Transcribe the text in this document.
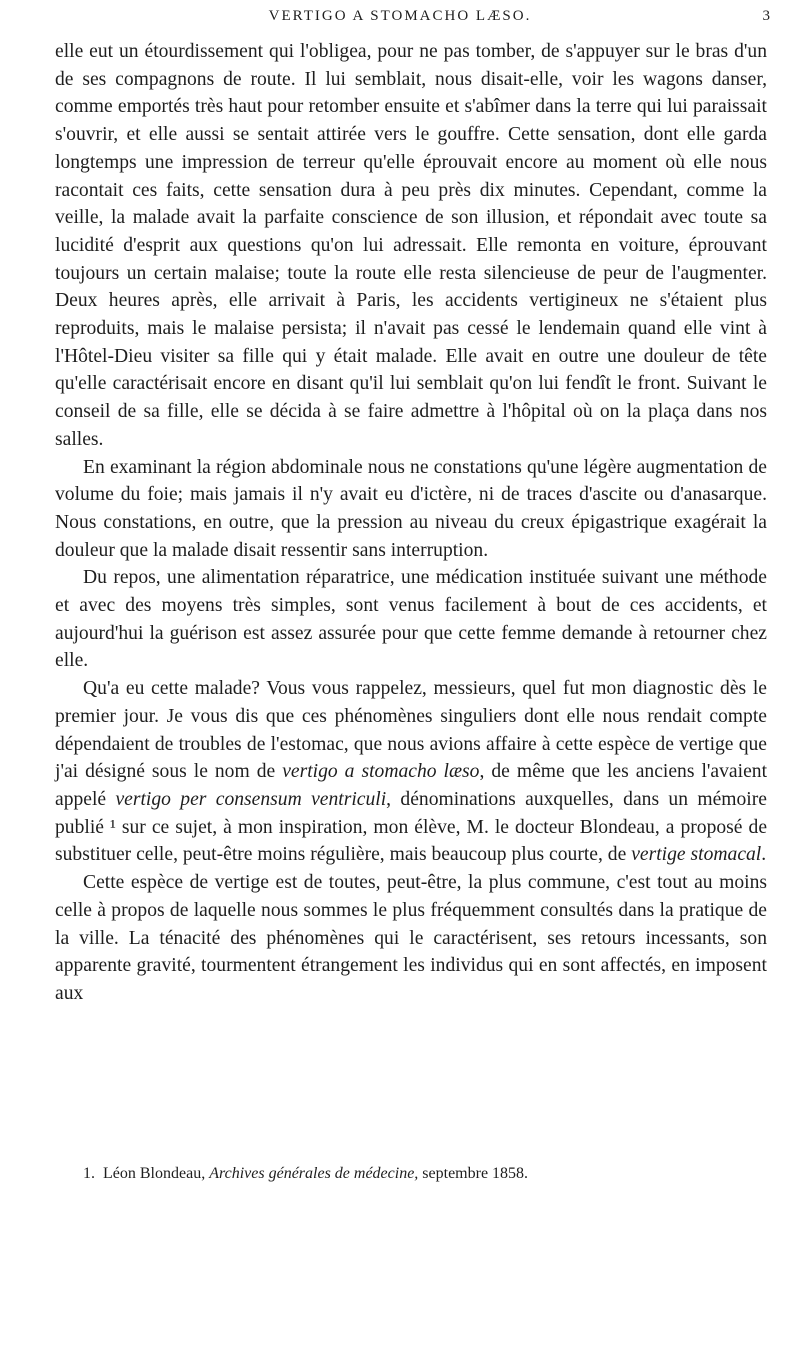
VERTIGO A STOMACHO LÆSO.	3

elle eut un étourdissement qui l'obligea, pour ne pas tomber, de s'appuyer sur le bras d'un de ses compagnons de route. Il lui semblait, nous disait-elle, voir les wagons danser, comme emportés très haut pour retomber ensuite et s'abîmer dans la terre qui lui paraissait s'ouvrir, et elle aussi se sentait attirée vers le gouffre. Cette sensation, dont elle garda longtemps une impression de terreur qu'elle éprouvait encore au moment où elle nous racontait ces faits, cette sensation dura à peu près dix minutes. Cependant, comme la veille, la malade avait la parfaite conscience de son illusion, et répondait avec toute sa lucidité d'esprit aux questions qu'on lui adressait. Elle remonta en voiture, éprouvant toujours un certain malaise; toute la route elle resta silencieuse de peur de l'augmenter. Deux heures après, elle arrivait à Paris, les accidents vertigineux ne s'étaient plus reproduits, mais le malaise persista; il n'avait pas cessé le lendemain quand elle vint à l'Hôtel-Dieu visiter sa fille qui y était malade. Elle avait en outre une douleur de tête qu'elle caractérisait encore en disant qu'il lui semblait qu'on lui fendît le front. Suivant le conseil de sa fille, elle se décida à se faire admettre à l'hôpital où on la plaça dans nos salles.

En examinant la région abdominale nous ne constations qu'une légère augmentation de volume du foie; mais jamais il n'y avait eu d'ictère, ni de traces d'ascite ou d'anasarque. Nous constations, en outre, que la pression au niveau du creux épigastrique exagérait la douleur que la malade disait ressentir sans interruption.

Du repos, une alimentation réparatrice, une médication instituée suivant une méthode et avec des moyens très simples, sont venus facilement à bout de ces accidents, et aujourd'hui la guérison est assez assurée pour que cette femme demande à retourner chez elle.

Qu'a eu cette malade? Vous vous rappelez, messieurs, quel fut mon diagnostic dès le premier jour. Je vous dis que ces phénomènes singuliers dont elle nous rendait compte dépendaient de troubles de l'estomac, que nous avions affaire à cette espèce de vertige que j'ai désigné sous le nom de vertigo a stomacho læso, de même que les anciens l'avaient appelé vertigo per consensum ventriculi, dénominations auxquelles, dans un mémoire publié ¹ sur ce sujet, à mon inspiration, mon élève, M. le docteur Blondeau, a proposé de substituer celle, peut-être moins régulière, mais beaucoup plus courte, de vertige stomacal.

Cette espèce de vertige est de toutes, peut-être, la plus commune, c'est tout au moins celle à propos de laquelle nous sommes le plus fréquemment consultés dans la pratique de la ville. La ténacité des phénomènes qui le caractérisent, ses retours incessants, son apparente gravité, tourmentent étrangement les individus qui en sont affectés, en imposent aux

1. Léon Blondeau, Archives générales de médecine, septembre 1858.
